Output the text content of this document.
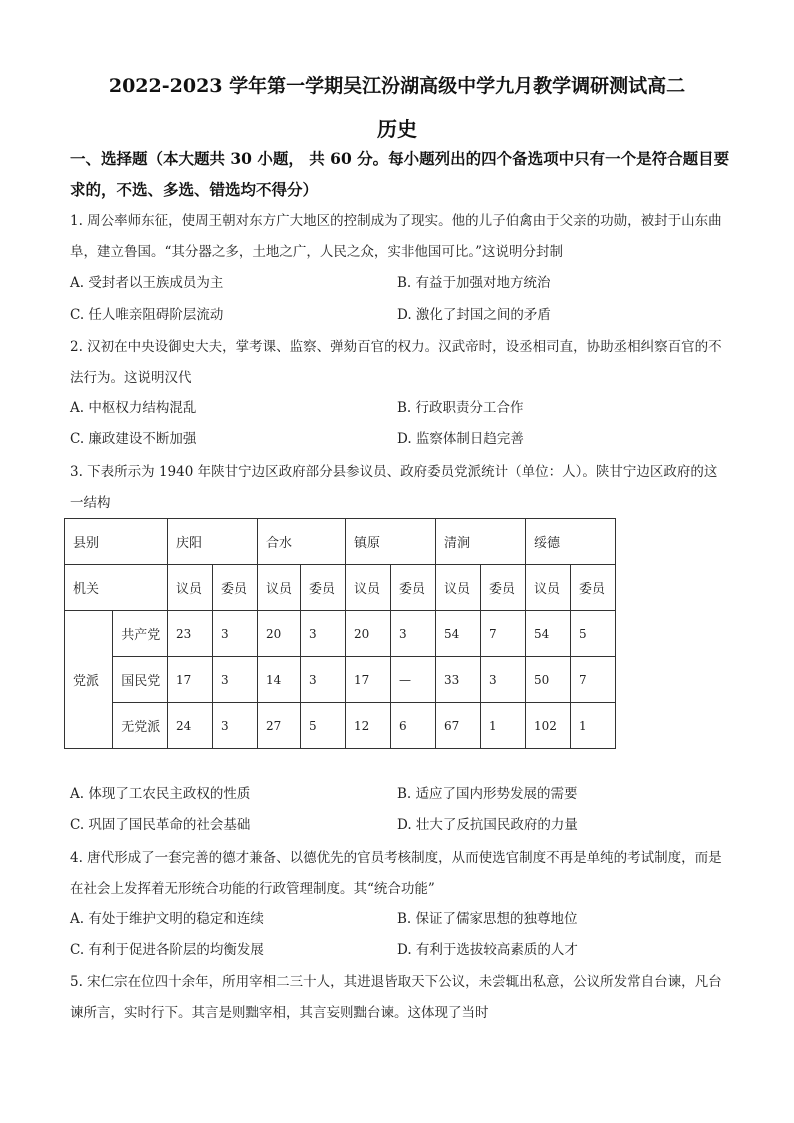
2022-2023 学年第一学期吴江汾湖高级中学九月教学调研测试高二
历史
一、选择题（本大题共 30 小题， 共 60 分。每小题列出的四个备选项中只有一个是符合题目要求的，不选、多选、错选均不得分）
1. 周公率师东征，使周王朝对东方广大地区的控制成为了现实。他的儿子伯禽由于父亲的功勋，被封于山东曲阜，建立鲁国。“其分器之多，土地之广，人民之众，实非他国可比。”这说明分封制
A. 受封者以王族成员为主	B. 有益于加强对地方统治
C. 任人唯亲阻碍阶层流动	D. 激化了封国之间的矛盾
2. 汉初在中央设御史大夫，掌考课、监察、弹劾百官的权力。汉武帝时，设丞相司直，协助丞相纠察百官的不法行为。这说明汉代
A. 中枢权力结构混乱	B. 行政职责分工合作
C. 廉政建设不断加强	D. 监察体制日趋完善
3. 下表所示为 1940 年陕甘宁边区政府部分县参议员、政府委员党派统计（单位：人）。陕甘宁边区政府的这一结构
县别		庆阳		合水		镇原		清涧		绥德	
机关		议员	委员	议员	委员	议员	委员	议员	委员	议员	委员
党派	共产党	23	3	20	3	20	3	54	7	54	5
	国民党	17	3	14	3	17	—	33	3	50	7
	无党派	24	3	27	5	12	6	67	1	102	1
A. 体现了工农民主政权的性质	B. 适应了国内形势发展的需要
C. 巩固了国民革命的社会基础	D. 壮大了反抗国民政府的力量
4. 唐代形成了一套完善的德才兼备、以德优先的官员考核制度，从而使选官制度不再是单纯的考试制度，而是在社会上发挥着无形统合功能的行政管理制度。其“统合功能”
A. 有处于维护文明的稳定和连续	B. 保证了儒家思想的独尊地位
C. 有利于促进各阶层的均衡发展	D. 有利于选拔较高素质的人才
5. 宋仁宗在位四十余年，所用宰相二三十人，其进退皆取天下公议，未尝辄出私意，公议所发常自台谏，凡台谏所言，实时行下。其言是则黜宰相，其言妄则黜台谏。这体现了当时
